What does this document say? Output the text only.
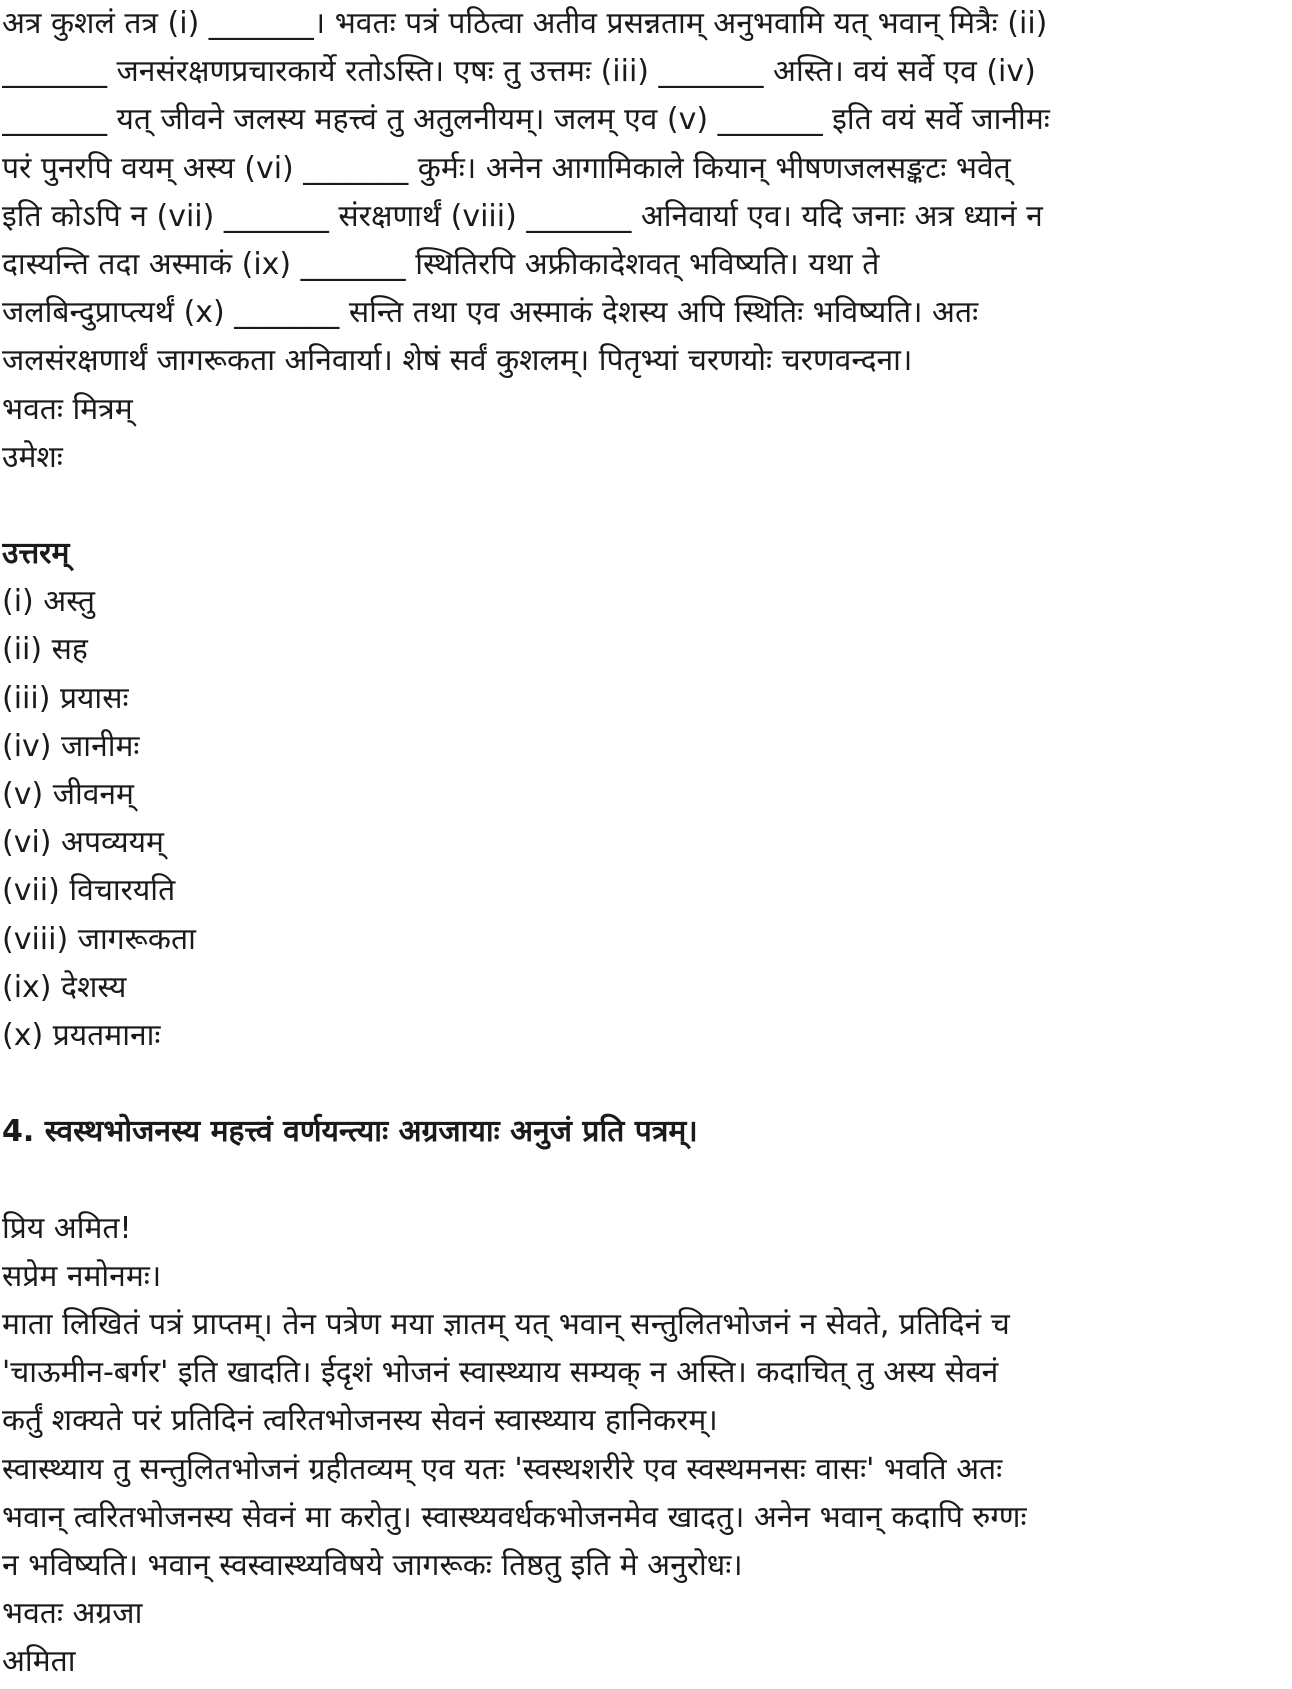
अत्र कुशलं तत्र (i) _______। भवतः पत्रं पठित्वा अतीव प्रसन्नताम् अनुभवामि यत् भवान् मित्रैः (ii)
_______ जनसंरक्षणप्रचारकार्ये रतोऽस्ति। एषः तु उत्तमः (iii) _______ अस्ति। वयं सर्वे एव (iv)
_______ यत् जीवने जलस्य महत्त्वं तु अतुलनीयम्। जलम् एव (v) _______ इति वयं सर्वे जानीमः
परं पुनरपि वयम् अस्य (vi) _______ कुर्मः। अनेन आगामिकाले कियान् भीषणजलसङ्कटः भवेत्
इति कोऽपि न (vii) _______ संरक्षणार्थं (viii) _______ अनिवार्या एव। यदि जनाः अत्र ध्यानं न
दास्यन्ति तदा अस्माकं (ix) _______ स्थितिरपि अफ्रीकादेशवत् भविष्यति। यथा ते
जलबिन्दुप्राप्त्यर्थं (x) _______ सन्ति तथा एव अस्माकं देशस्य अपि स्थितिः भविष्यति। अतः
जलसंरक्षणार्थं जागरूकता अनिवार्या। शेषं सर्वं कुशलम्। पितृभ्यां चरणयोः चरणवन्दना।
भवतः मित्रम्
उमेशः
उत्तरम्
(i) अस्तु
(ii) सह
(iii) प्रयासः
(iv) जानीमः
(v) जीवनम्
(vi) अपव्ययम्
(vii) विचारयति
(viii) जागरूकता
(ix) देशस्य
(x) प्रयतमानाः
4. स्वस्थभोजनस्य महत्त्वं वर्णयन्त्याः अग्रजायाः अनुजं प्रति पत्रम्।
प्रिय अमित!
सप्रेम नमोनमः।
माता लिखितं पत्रं प्राप्तम्। तेन पत्रेण मया ज्ञातम् यत् भवान् सन्तुलितभोजनं न सेवते, प्रतिदिनं च
'चाऊमीन-बर्गर' इति खादति। ईदृशं भोजनं स्वास्थ्याय सम्यक् न अस्ति। कदाचित् तु अस्य सेवनं
कर्तुं शक्यते परं प्रतिदिनं त्वरितभोजनस्य सेवनं स्वास्थ्याय हानिकरम्।
स्वास्थ्याय तु सन्तुलितभोजनं ग्रहीतव्यम् एव यतः 'स्वस्थशरीरे एव स्वस्थमनसः वासः' भवति अतः
भवान् त्वरितभोजनस्य सेवनं मा करोतु। स्वास्थ्यवर्धकभोजनमेव खादतु। अनेन भवान् कदापि रुग्णः
न भविष्यति। भवान् स्वस्वास्थ्यविषये जागरूकः तिष्ठतु इति मे अनुरोधः।
भवतः अग्रजा
अमिता
